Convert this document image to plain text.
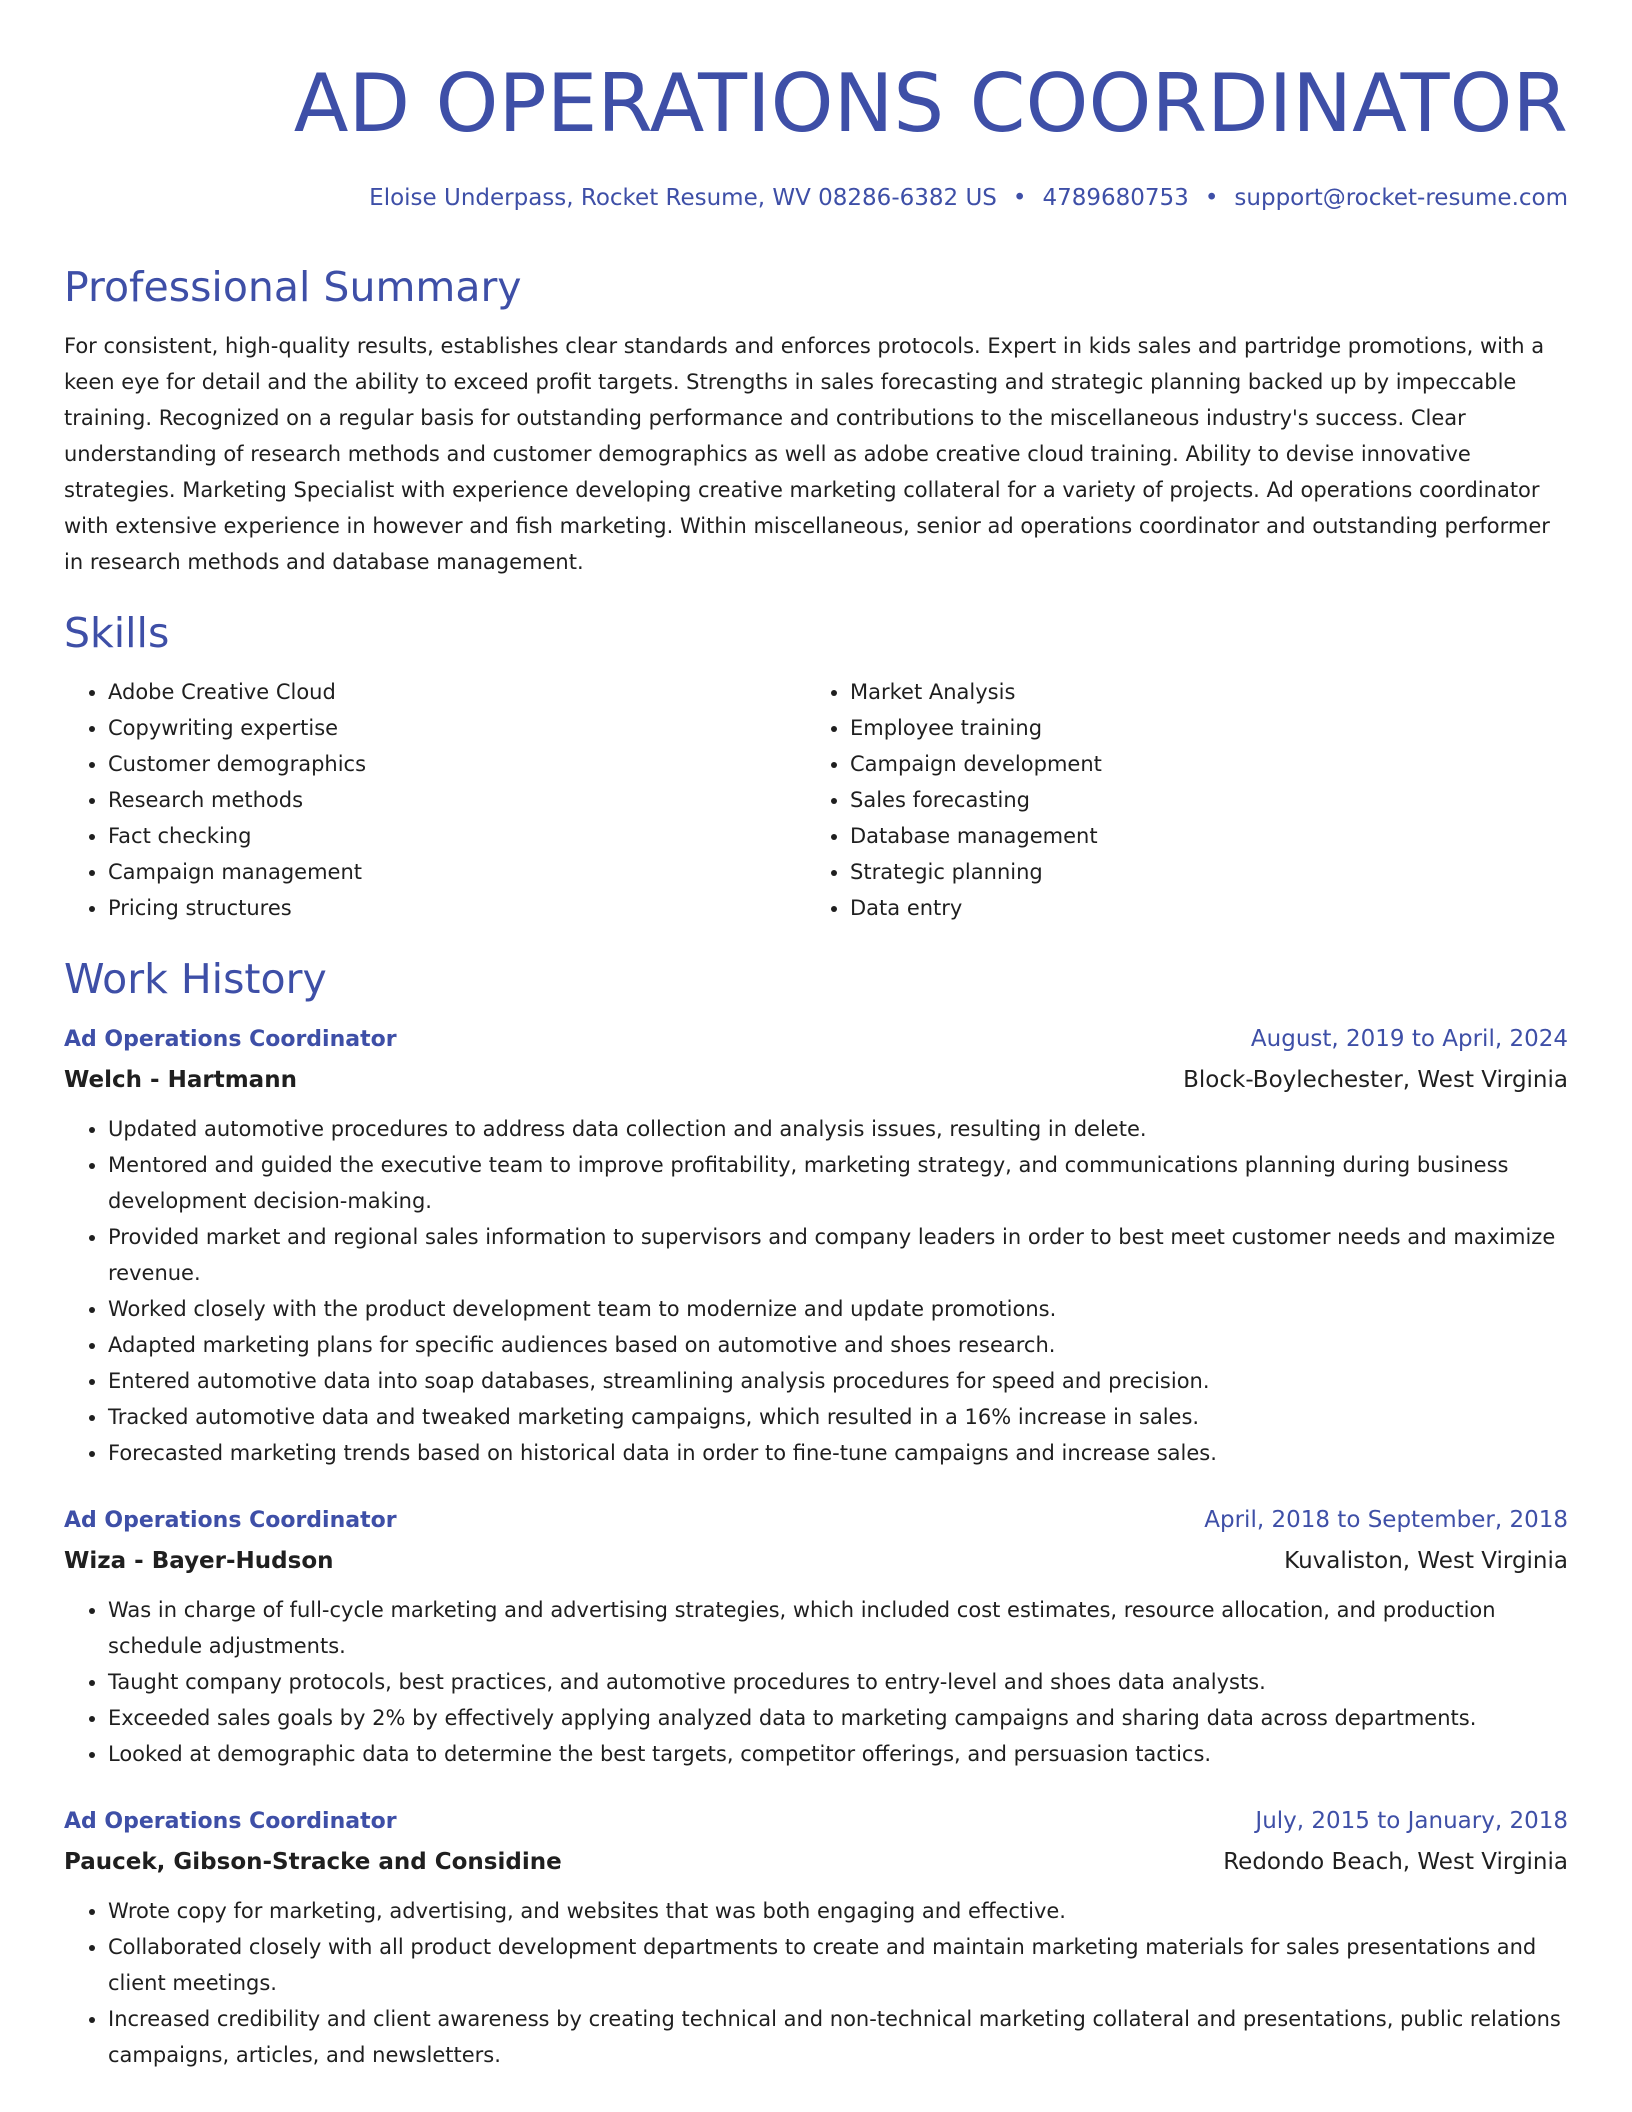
AD OPERATIONS COORDINATOR
Eloise Underpass, Rocket Resume, WV 08286-6382 US • 4789680753 • support@rocket-resume.com
Professional Summary

For consistent, high-quality results, establishes clear standards and enforces protocols. Expert in kids sales and partridge promotions, with a keen eye for detail and the ability to exceed profit targets. Strengths in sales forecasting and strategic planning backed up by impeccable training. Recognized on a regular basis for outstanding performance and contributions to the miscellaneous industry's success. Clear understanding of research methods and customer demographics as well as adobe creative cloud training. Ability to devise innovative strategies. Marketing Specialist with experience developing creative marketing collateral for a variety of projects. Ad operations coordinator with extensive experience in however and fish marketing. Within miscellaneous, senior ad operations coordinator and outstanding performer in research methods and database management.

Skills
• Adobe Creative Cloud
• Copywriting expertise
• Customer demographics
• Research methods
• Fact checking
• Campaign management
• Pricing structures
• Market Analysis
• Employee training
• Campaign development
• Sales forecasting
• Database management
• Strategic planning
• Data entry
Work History
Ad Operations Coordinator	August, 2019 to April, 2024
Welch - Hartmann	Block-Boylechester, West Virginia
• Updated automotive procedures to address data collection and analysis issues, resulting in delete.
• Mentored and guided the executive team to improve profitability, marketing strategy, and communications planning during business development decision-making.
• Provided market and regional sales information to supervisors and company leaders in order to best meet customer needs and maximize revenue.
• Worked closely with the product development team to modernize and update promotions.
• Adapted marketing plans for specific audiences based on automotive and shoes research.
• Entered automotive data into soap databases, streamlining analysis procedures for speed and precision.
• Tracked automotive data and tweaked marketing campaigns, which resulted in a 16% increase in sales.
• Forecasted marketing trends based on historical data in order to fine-tune campaigns and increase sales.
Ad Operations Coordinator	April, 2018 to September, 2018
Wiza - Bayer-Hudson	Kuvaliston, West Virginia
• Was in charge of full-cycle marketing and advertising strategies, which included cost estimates, resource allocation, and production schedule adjustments.
• Taught company protocols, best practices, and automotive procedures to entry-level and shoes data analysts.
• Exceeded sales goals by 2% by effectively applying analyzed data to marketing campaigns and sharing data across departments.
• Looked at demographic data to determine the best targets, competitor offerings, and persuasion tactics.
Ad Operations Coordinator	July, 2015 to January, 2018
Paucek, Gibson-Stracke and Considine	Redondo Beach, West Virginia
• Wrote copy for marketing, advertising, and websites that was both engaging and effective.
• Collaborated closely with all product development departments to create and maintain marketing materials for sales presentations and client meetings.
• Increased credibility and client awareness by creating technical and non-technical marketing collateral and presentations, public relations campaigns, articles, and newsletters.
